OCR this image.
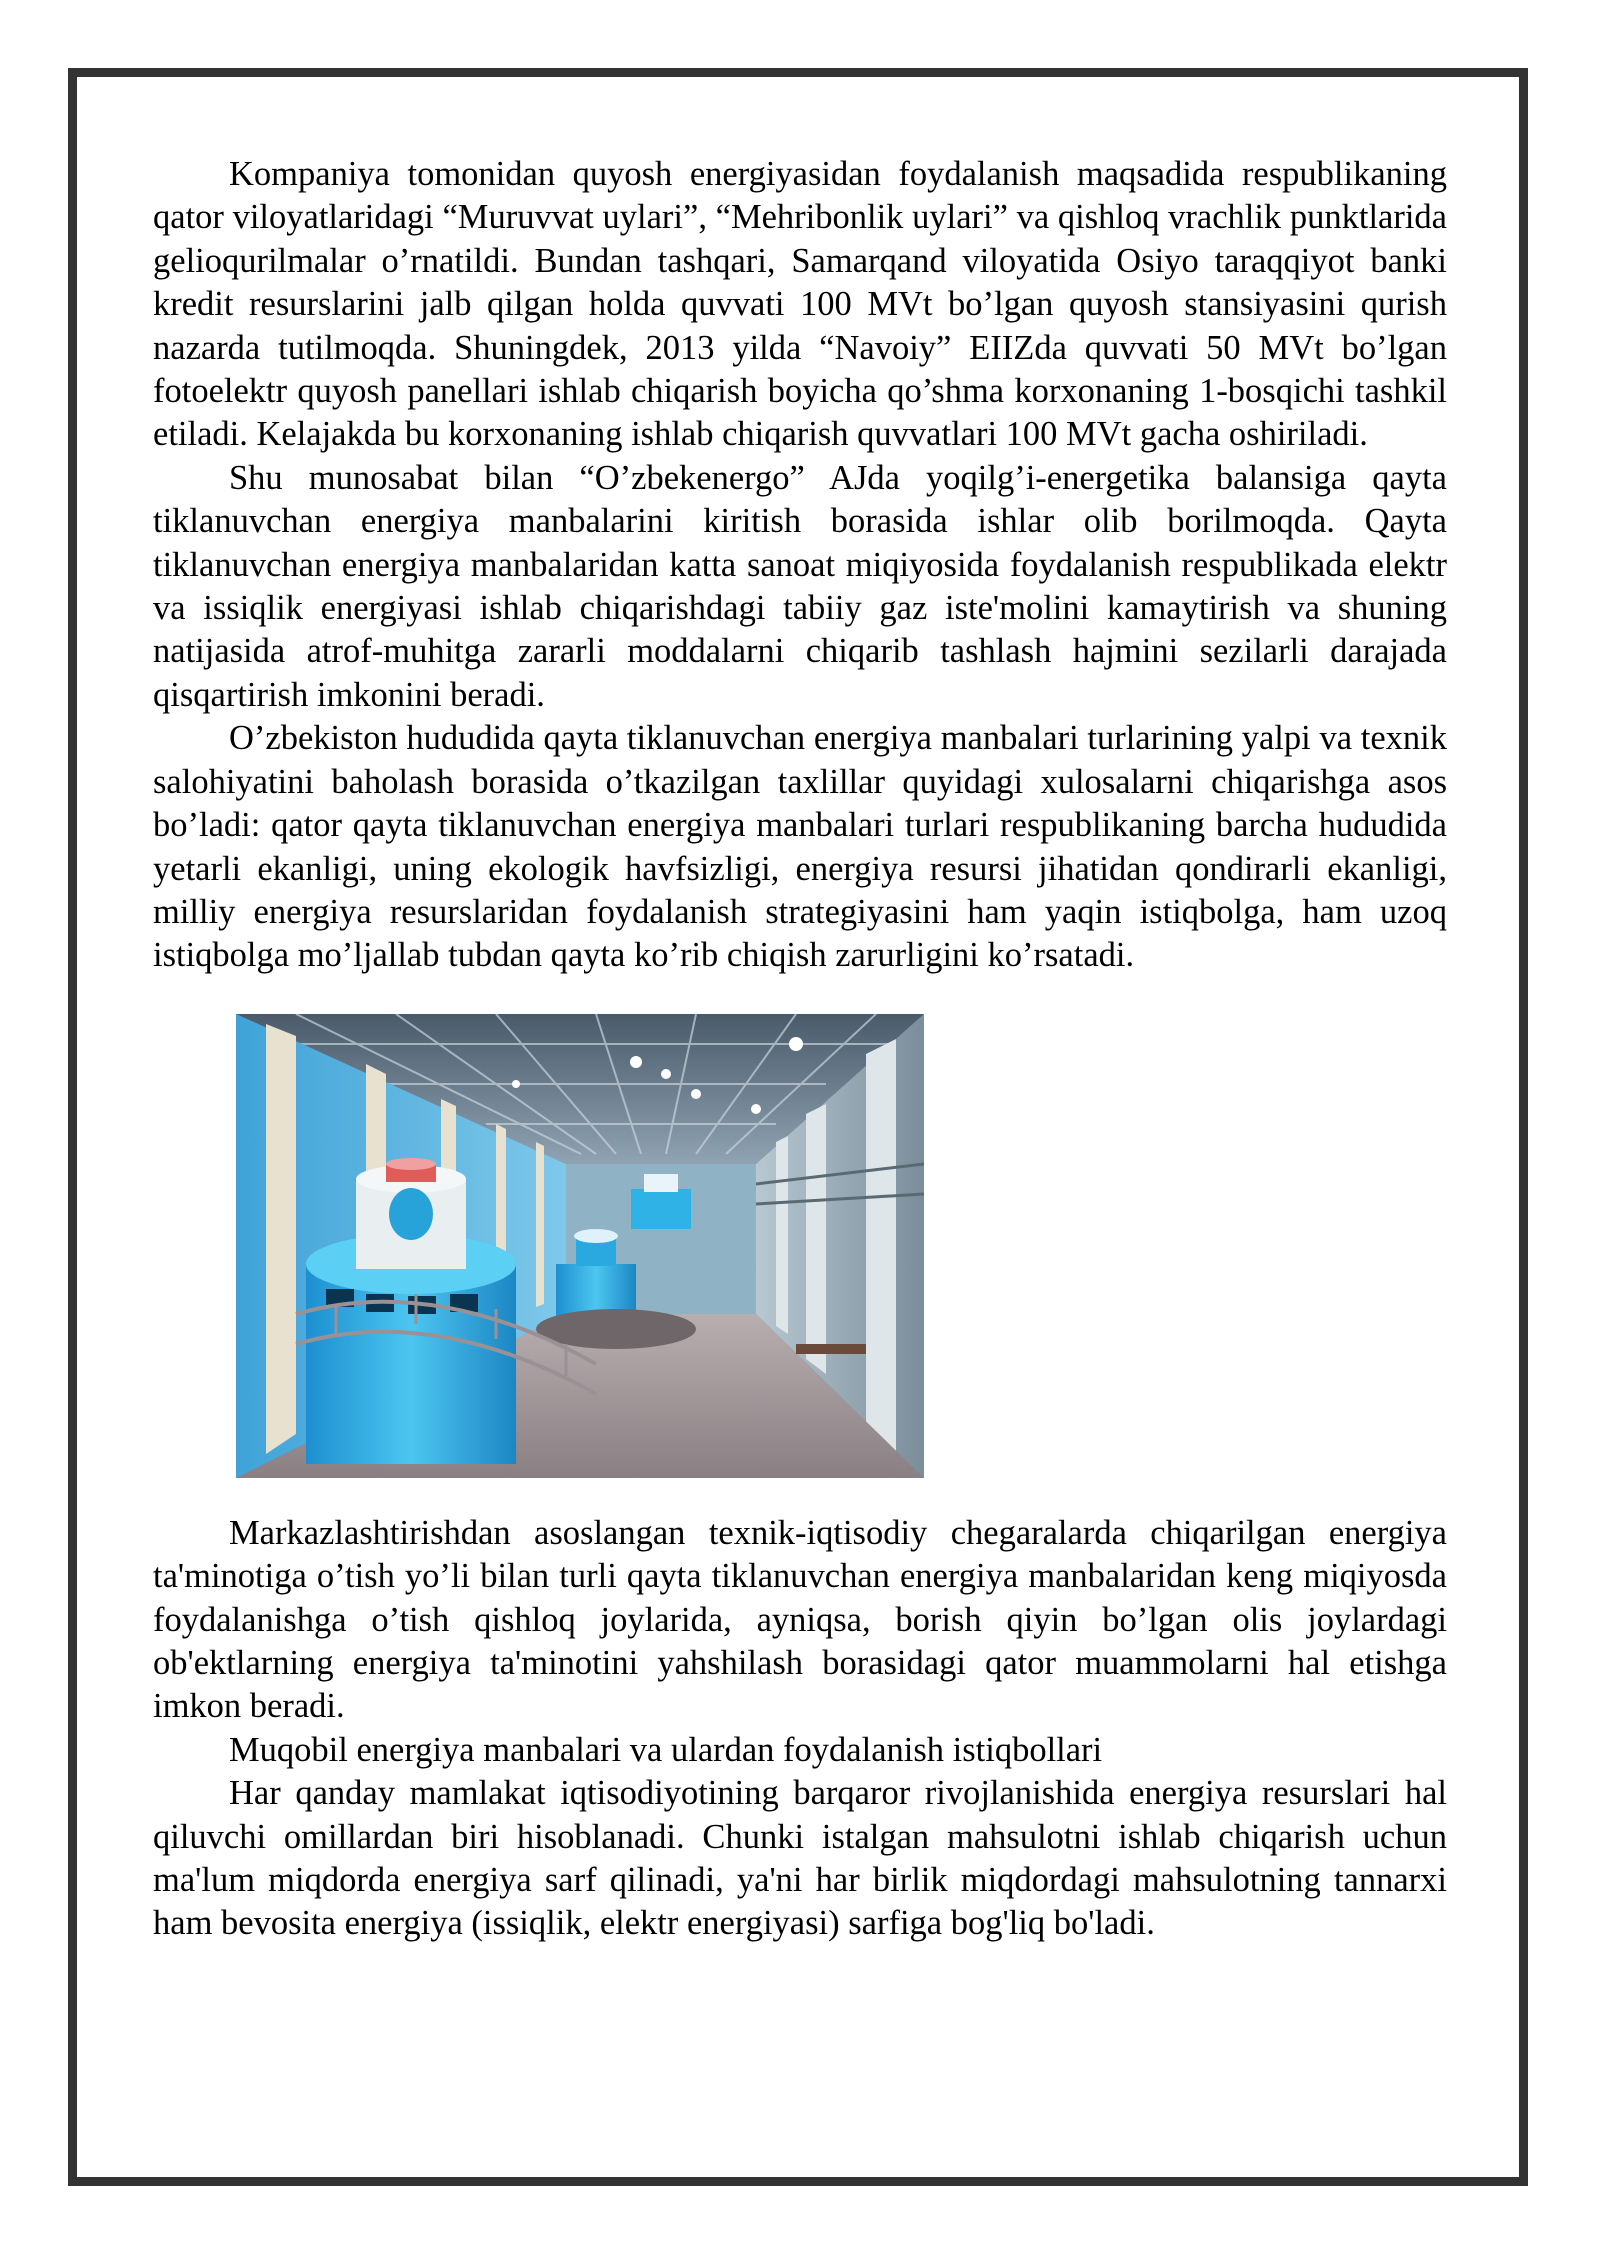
Kompaniya tomonidan quyosh energiyasidan foydalanish maqsadida respublikaning qator viloyatlaridagi “Muruvvat uylari”, “Mehribonlik uylari” va qishloq vrachlik punktlarida gelioqurilmalar o’rnatildi. Bundan tashqari, Samarqand viloyatida Osiyo taraqqiyot banki kredit resurslarini jalb qilgan holda quvvati 100 MVt bo’lgan quyosh stansiyasini qurish nazarda tutilmoqda. Shuningdek, 2013 yilda “Navoiy” EIIZda quvvati 50 MVt bo’lgan fotoelektr quyosh panellari ishlab chiqarish boyicha qo’shma korxonaning 1-bosqichi tashkil etiladi. Kelajakda bu korxonaning ishlab chiqarish quvvatlari 100 MVt gacha oshiriladi.

Shu munosabat bilan “O’zbekenergo” AJda yoqilg’i-energetika balansiga qayta tiklanuvchan energiya manbalarini kiritish borasida ishlar olib borilmoqda. Qayta tiklanuvchan energiya manbalaridan katta sanoat miqiyosida foydalanish respublikada elektr va issiqlik energiyasi ishlab chiqarishdagi tabiiy gaz iste'molini kamaytirish va shuning natijasida atrof-muhitga zararli moddalarni chiqarib tashlash hajmini sezilarli darajada qisqartirish imkonini beradi.

O’zbekiston hududida qayta tiklanuvchan energiya manbalari turlarining yalpi va texnik salohiyatini baholash borasida o’tkazilgan taxlillar quyidagi xulosalarni chiqarishga asos bo’ladi: qator qayta tiklanuvchan energiya manbalari turlari respublikaning barcha hududida yetarli ekanligi, uning ekologik havfsizligi, energiya resursi jihatidan qondirarli ekanligi, milliy energiya resurslaridan foydalanish strategiyasini ham yaqin istiqbolga, ham uzoq istiqbolga mo’ljallab tubdan qayta ko’rib chiqish zarurligini ko’rsatadi.

Markazlashtirishdan asoslangan texnik-iqtisodiy chegaralarda chiqarilgan energiya ta'minotiga o’tish yo’li bilan turli qayta tiklanuvchan energiya manbalaridan keng miqiyosda foydalanishga o’tish qishloq joylarida, ayniqsa, borish qiyin bo’lgan olis joylardagi ob'ektlarning energiya ta'minotini yahshilash borasidagi qator muammolarni hal etishga imkon beradi.

Muqobil energiya manbalari va ulardan foydalanish istiqbollari

Har qanday mamlakat iqtisodiyotining barqaror rivojlanishida energiya resurslari hal qiluvchi omillardan biri hisoblanadi. Chunki istalgan mahsulotni ishlab chiqarish uchun ma'lum miqdorda energiya sarf qilinadi, ya'ni har birlik miqdordagi mahsulotning tannarxi ham bevosita energiya (issiqlik, elektr energiyasi) sarfiga bog'liq bo'ladi.
